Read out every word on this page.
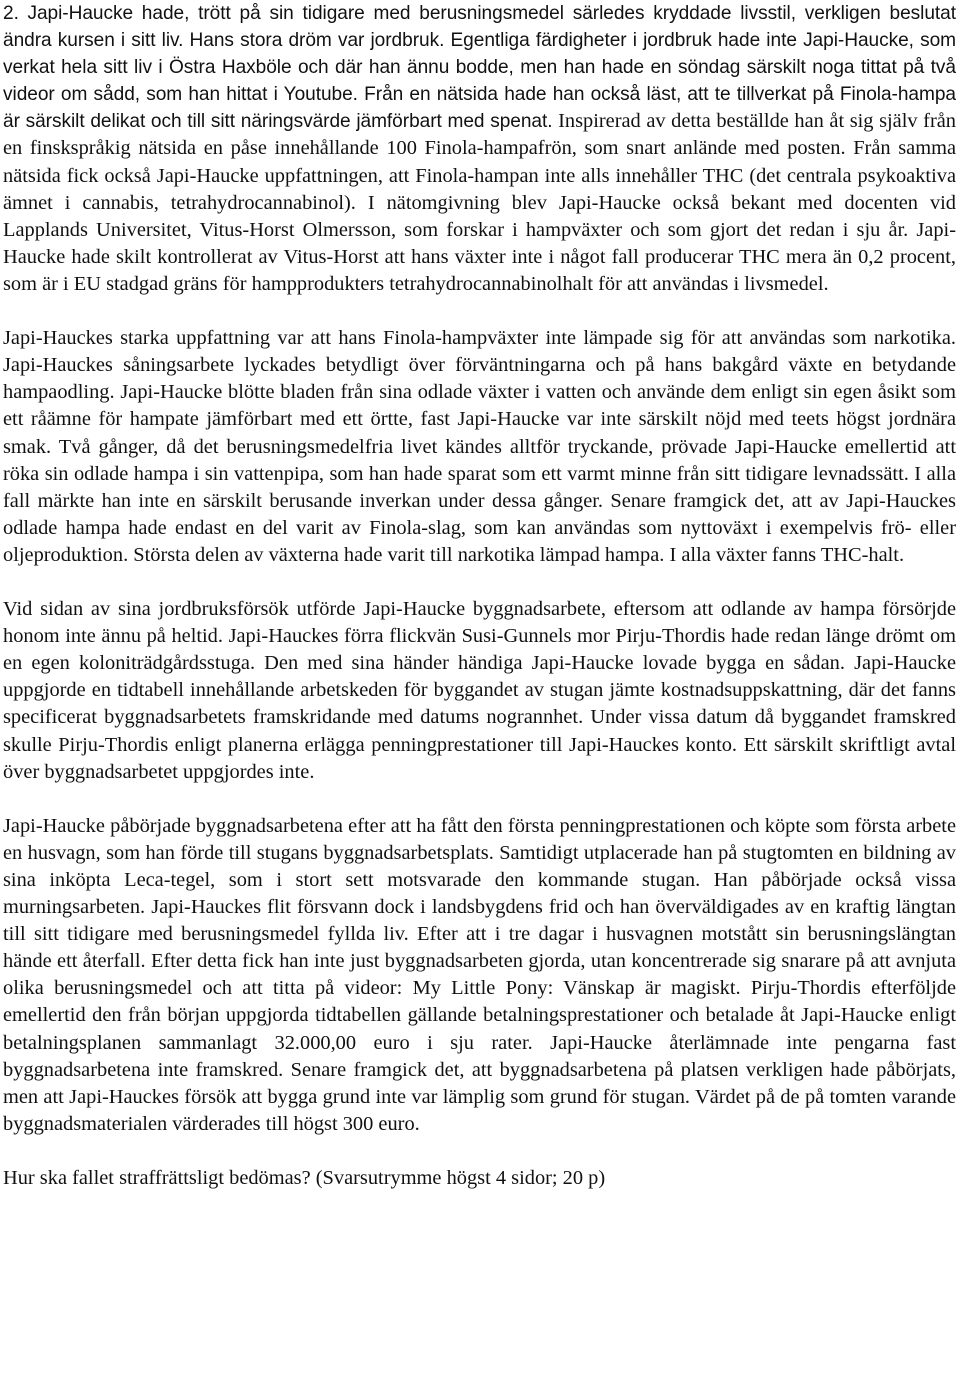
2. Japi-Haucke hade, trött på sin tidigare med berusningsmedel särledes kryddade livsstil, verkligen beslutat ändra kursen i sitt liv. Hans stora dröm var jordbruk. Egentliga färdigheter i jordbruk hade inte Japi-Haucke, som verkat hela sitt liv i Östra Haxböle och där han ännu bodde, men han hade en söndag särskilt noga tittat på två videor om sådd, som han hittat i Youtube. Från en nätsida hade han också läst, att te tillverkat på Finola-hampa är särskilt delikat och till sitt näringsvärde jämförbart med spenat. Inspirerad av detta beställde han åt sig själv från en finskspråkig nätsida en påse innehållande 100 Finola-hampafrön, som snart anlände med posten. Från samma nätsida fick också Japi-Haucke uppfattningen, att Finola-hampan inte alls innehåller THC (det centrala psykoaktiva ämnet i cannabis, tetrahydrocannabinol). I nätomgivning blev Japi-Haucke också bekant med docenten vid Lapplands Universitet, Vitus-Horst Olmersson, som forskar i hampväxter och som gjort det redan i sju år. Japi-Haucke hade skilt kontrollerat av Vitus-Horst att hans växter inte i något fall producerar THC mera än 0,2 procent, som är i EU stadgad gräns för hampprodukters tetrahydrocannabinolhalt för att användas i livsmedel.

Japi-Hauckes starka uppfattning var att hans Finola-hampväxter inte lämpade sig för att användas som narkotika. Japi-Hauckes såningsarbete lyckades betydligt över förväntningarna och på hans bakgård växte en betydande hampaodling. Japi-Haucke blötte bladen från sina odlade växter i vatten och använde dem enligt sin egen åsikt som ett råämne för hampate jämförbart med ett örtte, fast Japi-Haucke var inte särskilt nöjd med teets högst jordnära smak. Två gånger, då det berusningsmedelfria livet kändes alltför tryckande, prövade Japi-Haucke emellertid att röka sin odlade hampa i sin vattenpipa, som han hade sparat som ett varmt minne från sitt tidigare levnadssätt. I alla fall märkte han inte en särskilt berusande inverkan under dessa gånger. Senare framgick det, att av Japi-Hauckes odlade hampa hade endast en del varit av Finola-slag, som kan användas som nyttoväxt i exempelvis frö- eller oljeproduktion. Största delen av växterna hade varit till narkotika lämpad hampa. I alla växter fanns THC-halt.

Vid sidan av sina jordbruksförsök utförde Japi-Haucke byggnadsarbete, eftersom att odlande av hampa försörjde honom inte ännu på heltid. Japi-Hauckes förra flickvän Susi-Gunnels mor Pirju-Thordis hade redan länge drömt om en egen koloniträdgårdsstuga. Den med sina händer händiga Japi-Haucke lovade bygga en sådan. Japi-Haucke uppgjorde en tidtabell innehållande arbetskeden för byggandet av stugan jämte kostnadsuppskattning, där det fanns specificerat byggnadsarbetets framskridande med datums nogrannhet. Under vissa datum då byggandet framskred skulle Pirju-Thordis enligt planerna erlägga penningprestationer till Japi-Hauckes konto. Ett särskilt skriftligt avtal över byggnadsarbetet uppgjordes inte.

Japi-Haucke påbörjade byggnadsarbetena efter att ha fått den första penningprestationen och köpte som första arbete en husvagn, som han förde till stugans byggnadsarbetsplats. Samtidigt utplacerade han på stugtomten en bildning av sina inköpta Leca-tegel, som i stort sett motsvarade den kommande stugan. Han påbörjade också vissa murningsarbeten. Japi-Hauckes flit försvann dock i landsbygdens frid och han överväldigades av en kraftig längtan till sitt tidigare med berusningsmedel fyllda liv. Efter att i tre dagar i husvagnen motstått sin berusningslängtan hände ett återfall. Efter detta fick han inte just byggnadsarbeten gjorda, utan koncentrerade sig snarare på att avnjuta olika berusningsmedel och att titta på videor: My Little Pony: Vänskap är magiskt. Pirju-Thordis efterföljde emellertid den från början uppgjorda tidtabellen gällande betalningsprestationer och betalade åt Japi-Haucke enligt betalningsplanen sammanlagt 32.000,00 euro i sju rater. Japi-Haucke återlämnade inte pengarna fast byggnadsarbetena inte framskred. Senare framgick det, att byggnadsarbetena på platsen verkligen hade påbörjats, men att Japi-Hauckes försök att bygga grund inte var lämplig som grund för stugan. Värdet på de på tomten varande byggnadsmaterialen värderades till högst 300 euro.

Hur ska fallet straffrättsligt bedömas? (Svarsutrymme högst 4 sidor; 20 p)
